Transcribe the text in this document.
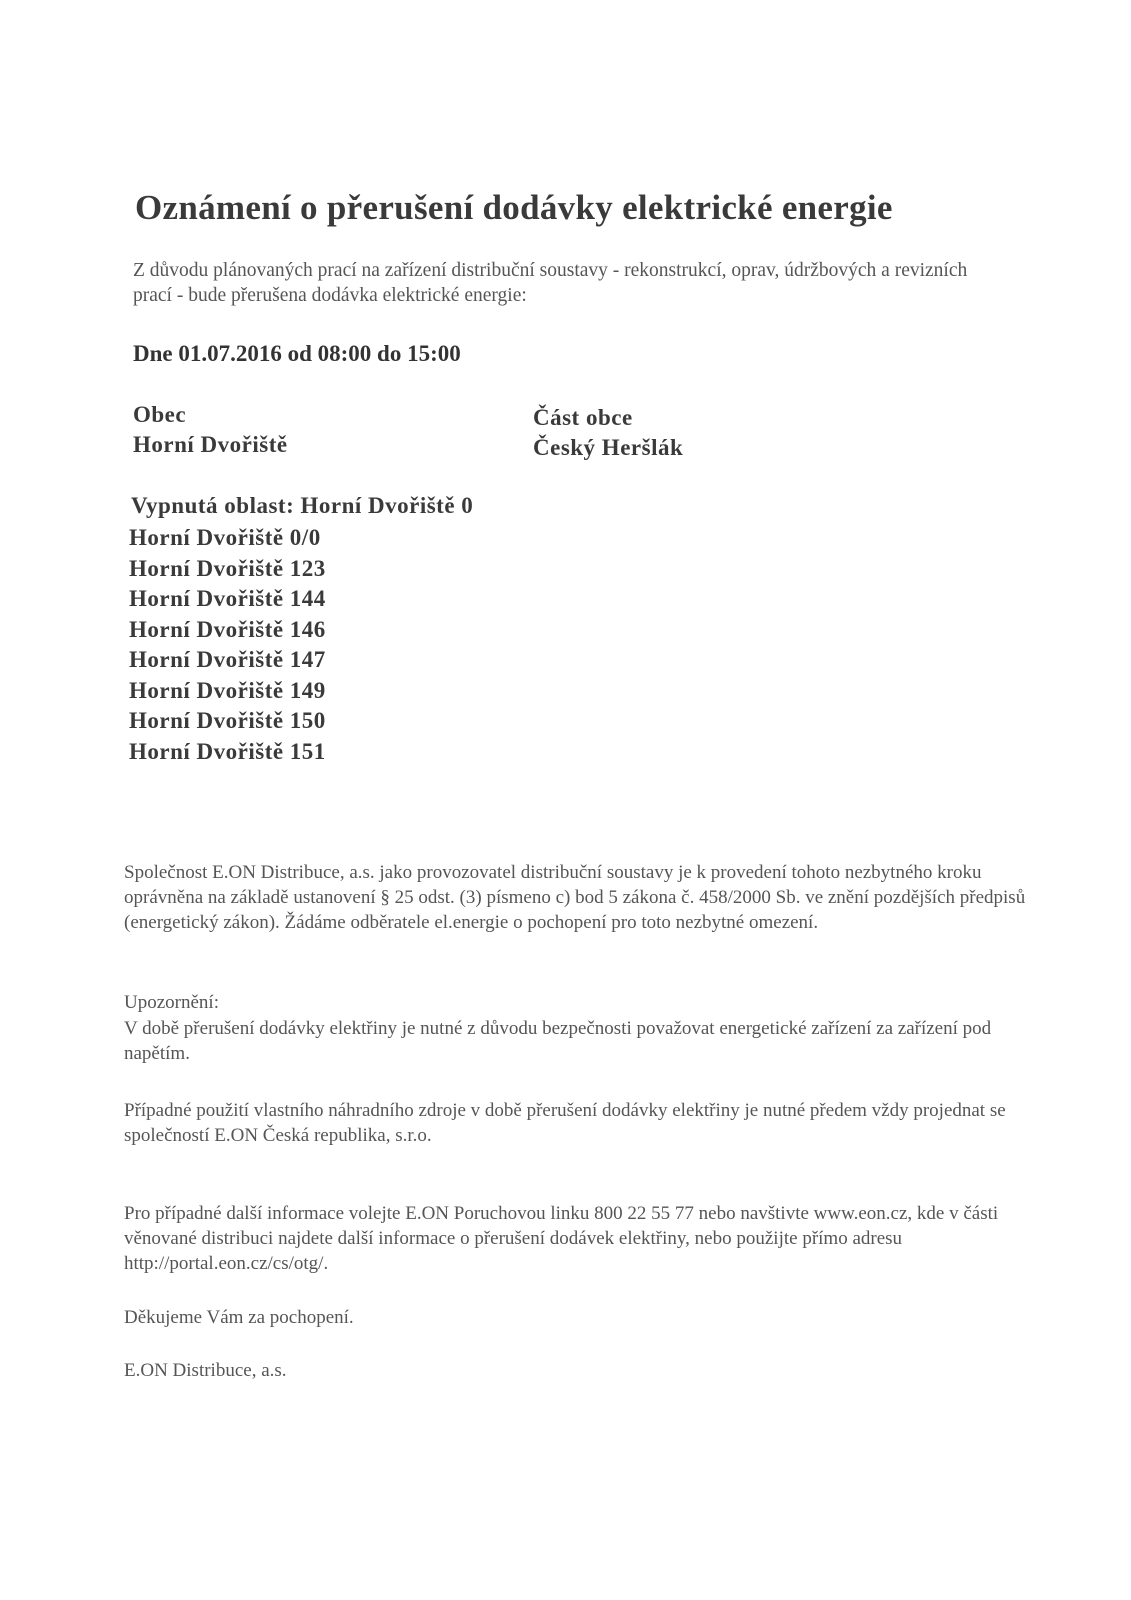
Oznámení o přerušení dodávky elektrické energie
Z důvodu plánovaných prací na zařízení distribuční soustavy - rekonstrukcí, oprav, údržbových a revizních prací - bude přerušena dodávka elektrické energie:
Dne 01.07.2016 od 08:00 do 15:00
Obec
Horní Dvořiště
Část obce
Český Heršlák
Vypnutá oblast: Horní Dvořiště 0
Horní Dvořiště 0/0
Horní Dvořiště 123
Horní Dvořiště 144
Horní Dvořiště 146
Horní Dvořiště 147
Horní Dvořiště 149
Horní Dvořiště 150
Horní Dvořiště 151
Společnost E.ON Distribuce, a.s. jako provozovatel distribuční soustavy je k provedení tohoto nezbytného kroku oprávněna na základě ustanovení § 25 odst. (3) písmeno c) bod 5 zákona č. 458/2000 Sb. ve znění pozdějších předpisů (energetický zákon). Žádáme odběratele el.energie o pochopení pro toto nezbytné omezení.
Upozornění:
V době přerušení dodávky elektřiny je nutné z důvodu bezpečnosti považovat energetické zařízení za zařízení pod napětím.
Případné použití vlastního náhradního zdroje v době přerušení dodávky elektřiny je nutné předem vždy projednat se společností E.ON Česká republika, s.r.o.
Pro případné další informace volejte E.ON Poruchovou linku 800 22 55 77 nebo navštivte www.eon.cz, kde v části věnované distribuci najdete další informace o přerušení dodávek elektřiny, nebo použijte přímo adresu http://portal.eon.cz/cs/otg/.
Děkujeme Vám za pochopení.
E.ON Distribuce, a.s.
